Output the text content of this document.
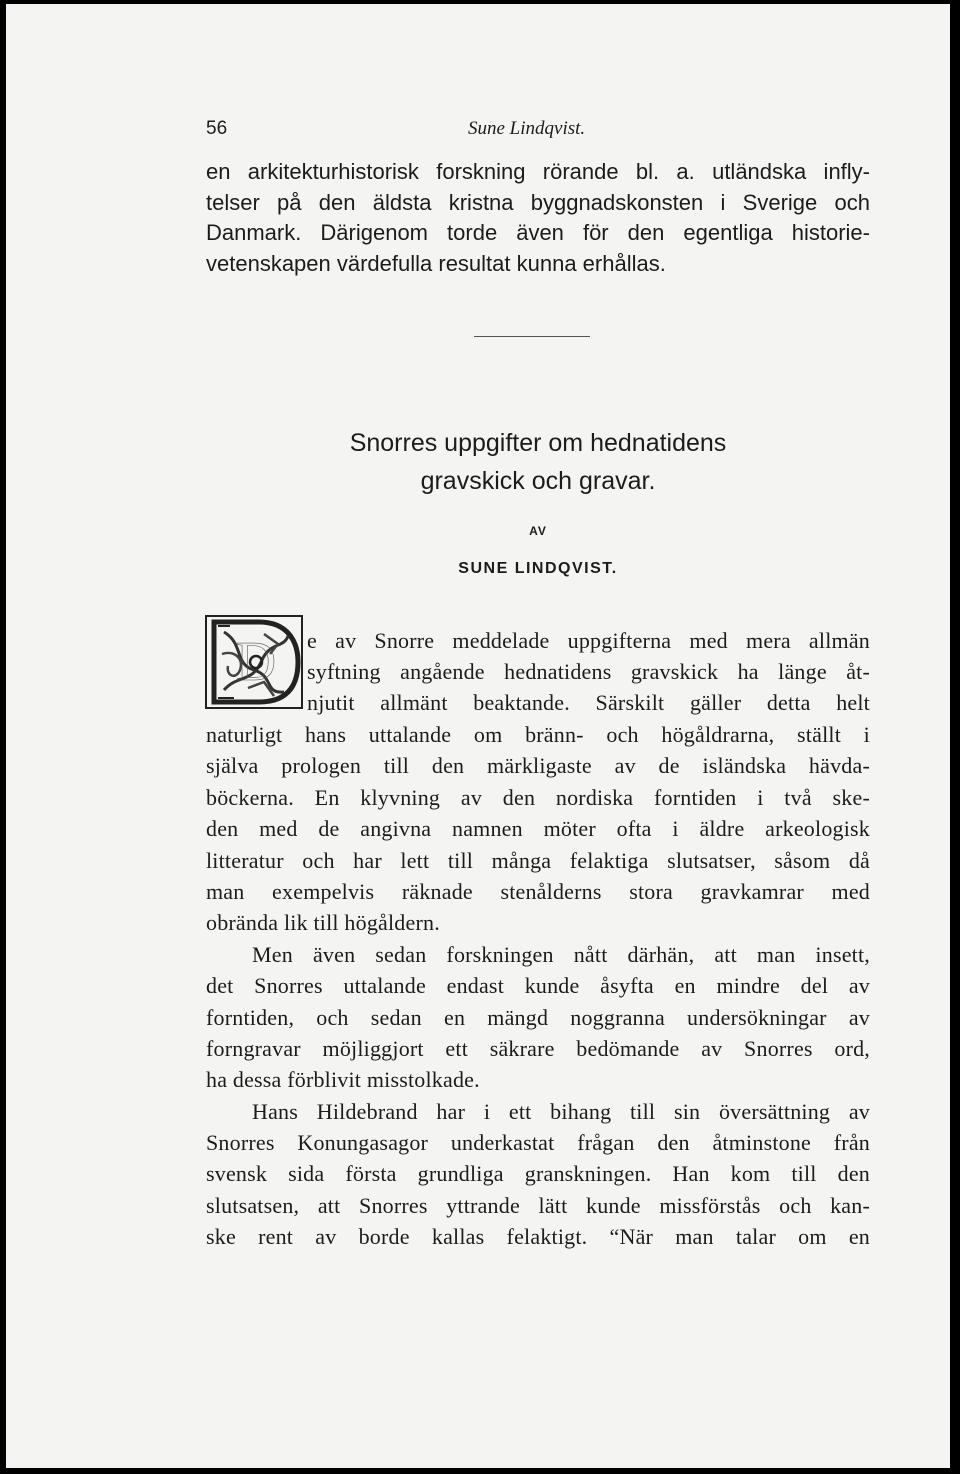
56	Sune Lindqvist.
en arkitekturhistorisk forskning rörande bl. a. utländska infly-
telser på den äldsta kristna byggnadskonsten i Sverige och
Danmark. Därigenom torde även för den egentliga historie-
vetenskapen värdefulla resultat kunna erhållas.
Snorres uppgifter om hednatidens
gravskick och gravar.
AV
SUNE LINDQVIST.
D e av Snorre meddelade uppgifterna med mera allmän
syftning angående hednatidens gravskick ha länge åt-
njutit allmänt beaktande. Särskilt gäller detta helt
naturligt hans uttalande om bränn- och högåldrarna, ställt i
själva prologen till den märkligaste av de isländska hävda-
böckerna. En klyvning av den nordiska forntiden i två ske-
den med de angivna namnen möter ofta i äldre arkeologisk
litteratur och har lett till många felaktiga slutsatser, såsom då
man exempelvis räknade stenålderns stora gravkamrar med
obrända lik till högåldern.
Men även sedan forskningen nått därhän, att man insett,
det Snorres uttalande endast kunde åsyfta en mindre del av
forntiden, och sedan en mängd noggranna undersökningar av
forngravar möjliggjort ett säkrare bedömande av Snorres ord,
ha dessa förblivit misstolkade.
Hans Hildebrand har i ett bihang till sin översättning av
Snorres Konungasagor underkastat frågan den åtminstone från
svensk sida första grundliga granskningen. Han kom till den
slutsatsen, att Snorres yttrande lätt kunde missförstås och kan-
ske rent av borde kallas felaktigt. “När man talar om en
